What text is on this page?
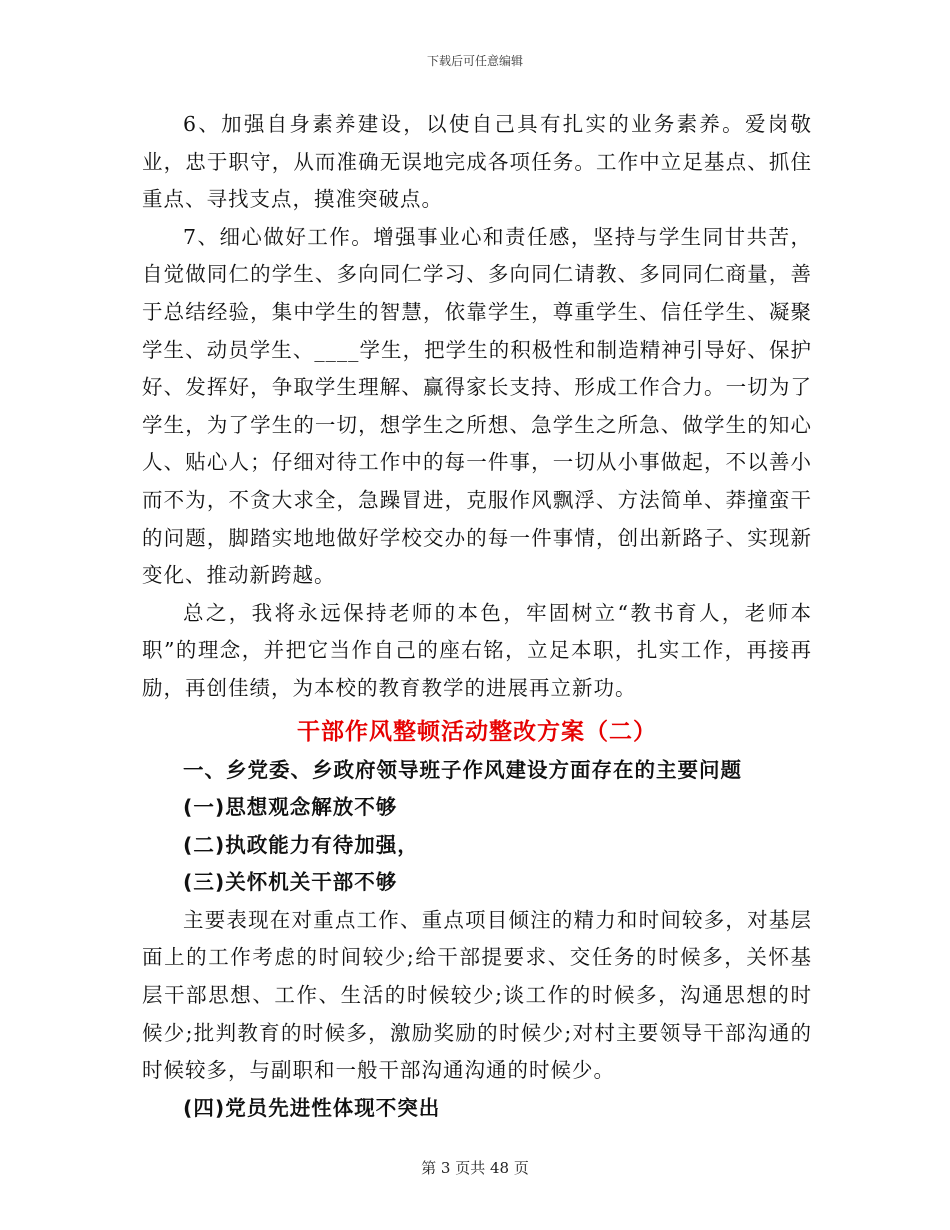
下载后可任意编辑

6、加强自身素养建设，以使自己具有扎实的业务素养。爱岗敬业，忠于职守，从而准确无误地完成各项任务。工作中立足基点、抓住重点、寻找支点，摸准突破点。

7、细心做好工作。增强事业心和责任感，坚持与学生同甘共苦，自觉做同仁的学生、多向同仁学习、多向同仁请教、多同同仁商量，善于总结经验，集中学生的智慧，依靠学生，尊重学生、信任学生、凝聚学生、动员学生、____学生，把学生的积极性和制造精神引导好、保护好、发挥好，争取学生理解、赢得家长支持、形成工作合力。一切为了学生，为了学生的一切，想学生之所想、急学生之所急、做学生的知心人、贴心人；仔细对待工作中的每一件事，一切从小事做起，不以善小而不为，不贪大求全，急躁冒进，克服作风飘浮、方法简单、莽撞蛮干的问题，脚踏实地地做好学校交办的每一件事情，创出新路子、实现新变化、推动新跨越。

总之，我将永远保持老师的本色，牢固树立“教书育人，老师本职”的理念，并把它当作自己的座右铭，立足本职，扎实工作，再接再励，再创佳绩，为本校的教育教学的进展再立新功。

干部作风整顿活动整改方案（二）

一、乡党委、乡政府领导班子作风建设方面存在的主要问题

(一)思想观念解放不够

(二)执政能力有待加强，

(三)关怀机关干部不够

主要表现在对重点工作、重点项目倾注的精力和时间较多，对基层面上的工作考虑的时间较少;给干部提要求、交任务的时候多，关怀基层干部思想、工作、生活的时候较少;谈工作的时候多，沟通思想的时候少;批判教育的时候多，激励奖励的时候少;对村主要领导干部沟通的时候较多，与副职和一般干部沟通沟通的时候少。

(四)党员先进性体现不突出

第 3 页共 48 页
